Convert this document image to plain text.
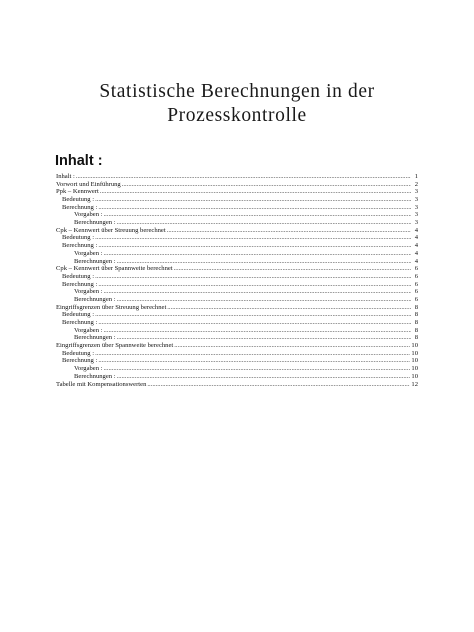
Statistische Berechnungen in der
Prozesskontrolle
Inhalt :
Inhalt : .....	1
Vorwort und Einführung .....	2
Ppk – Kennwert .....	3
Bedeutung : .....	3
Berechnung : .....	3
Vorgaben : .....	3
Berechnungen : .....	3
Cpk – Kennwert über Streuung berechnet .....	4
Bedeutung : .....	4
Berechnung : .....	4
Vorgaben : .....	4
Berechnungen : .....	4
Cpk – Kennwert über Spannweite berechnet .....	6
Bedeutung : .....	6
Berechnung : .....	6
Vorgaben : .....	6
Berechnungen : .....	6
Eingriffsgrenzen über Streuung berechnet .....	8
Bedeutung : .....	8
Berechnung : .....	8
Vorgaben : .....	8
Berechnungen : .....	8
Eingriffsgrenzen über Spannweite berechnet .....	10
Bedeutung : .....	10
Berechnung : .....	10
Vorgaben : .....	10
Berechnungen : .....	10
Tabelle mit Kompensationswerten .....	12
